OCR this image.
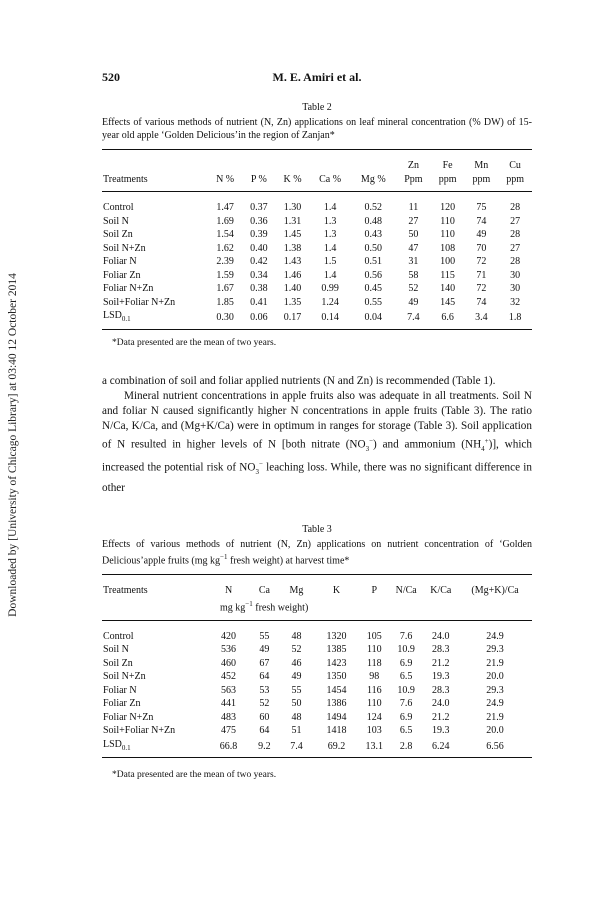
Downloaded by [University of Chicago Library] at 03:40 12 October 2014
520	M. E. Amiri et al.
Table 2
Effects of various methods of nutrient (N, Zn) applications on leaf mineral concentration (% DW) of 15-year old apple ‘Golden Delicious’in the region of Zanjan*
						Zn	Fe	Mn	Cu
Treatments	N %	P %	K %	Ca %	Mg %	Ppm	ppm	ppm	ppm
Control	1.47	0.37	1.30	1.4	0.52	11	120	75	28
Soil N	1.69	0.36	1.31	1.3	0.48	27	110	74	27
Soil Zn	1.54	0.39	1.45	1.3	0.43	50	110	49	28
Soil N+Zn	1.62	0.40	1.38	1.4	0.50	47	108	70	27
Foliar N	2.39	0.42	1.43	1.5	0.51	31	100	72	28
Foliar Zn	1.59	0.34	1.46	1.4	0.56	58	115	71	30
Foliar N+Zn	1.67	0.38	1.40	0.99	0.45	52	140	72	30
Soil+Foliar N+Zn	1.85	0.41	1.35	1.24	0.55	49	145	74	32
$LSD_{0.1}$	0.30	0.06	0.17	0.14	0.04	7.4	6.6	3.4	1.8
*Data presented are the mean of two years.

a combination of soil and foliar applied nutrients (N and Zn) is recommended (Table 1).

Mineral nutrient concentrations in apple fruits also was adequate in all treatments. Soil N and foliar N caused significantly higher N concentrations in apple fruits (Table 3). The ratio N/Ca, K/Ca, and (Mg+K/Ca) were in optimum in ranges for storage (Table 3). Soil application of N resulted in higher levels of N [both nitrate $(NO_3^-)$ and ammonium $(NH_4^+)$], which increased the potential risk of $NO_3^-$ leaching loss. While, there was no significant difference in other

Table 3
Effects of various methods of nutrient (N, Zn) applications on nutrient concentration of ‘Golden Delicious’apple fruits (mg $kg^{-1}$ fresh weight) at harvest time*
Treatments	N	Ca	Mg	K	P	N/Ca	K/Ca	(Mg+K)/Ca
	mg $kg^{-1}$ fresh weight)							
Control	420	55	48	1320	105	7.6	24.0	24.9
Soil N	536	49	52	1385	110	10.9	28.3	29.3
Soil Zn	460	67	46	1423	118	6.9	21.2	21.9
Soil N+Zn	452	64	49	1350	98	6.5	19.3	20.0
Foliar N	563	53	55	1454	116	10.9	28.3	29.3
Foliar Zn	441	52	50	1386	110	7.6	24.0	24.9
Foliar N+Zn	483	60	48	1494	124	6.9	21.2	21.9
Soil+Foliar N+Zn	475	64	51	1418	103	6.5	19.3	20.0
$LSD_{0.1}$	66.8	9.2	7.4	69.2	13.1	2.8	6.24	6.56
*Data presented are the mean of two years.
